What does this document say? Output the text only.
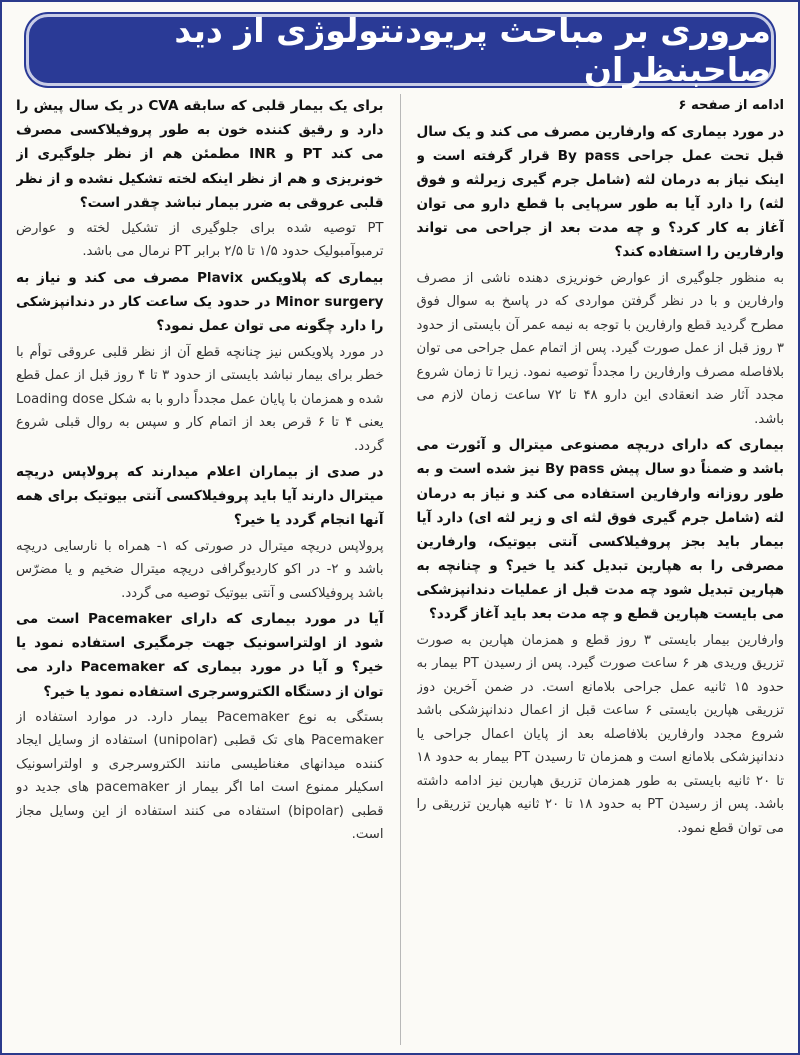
مروری بر مباحث پریودنتولوژی از دید صاحبنظران

ادامه از صفحه ۶

در مورد بیماری که وارفارین مصرف می کند و یک سال قبل تحت عمل جراحی By pass قرار گرفته است و اینک نیاز به درمان لثه (شامل جرم گیری زیرلثه و فوق لثه) را دارد آیا به طور سرپایی با قطع دارو می توان آغاز به کار کرد؟ و چه مدت بعد از جراحی می تواند وارفارین را استفاده کند؟

به منظور جلوگیری از عوارض خونریزی دهنده ناشی از مصرف وارفارین و با در نظر گرفتن مواردی که در پاسخ به سوال فوق مطرح گردید قطع وارفارین با توجه به نیمه عمر آن بایستی از حدود ۳ روز قبل از عمل صورت گیرد. پس از اتمام عمل جراحی می توان بلافاصله مصرف وارفارین را مجدداً توصیه نمود. زیرا تا زمان شروع مجدد آثار ضد انعقادی این دارو ۴۸ تا ۷۲ ساعت زمان لازم می باشد.

بیماری که دارای دریچه مصنوعی میترال و آئورت می باشد و ضمناً دو سال پیش By pass نیز شده است و به طور روزانه وارفارین استفاده می کند و نیاز به درمان لثه (شامل جرم گیری فوق لثه ای و زیر لثه ای) دارد آیا بیمار باید بجز پروفیلاکسی آنتی بیوتیک، وارفارین مصرفی را به هپارین تبدیل کند یا خیر؟ و چنانچه به هپارین تبدیل شود چه مدت قبل از عملیات دندانپزشکی می بایست هپارین قطع و چه مدت بعد باید آغاز گردد؟

وارفارین بیمار بایستی ۳ روز قطع و همزمان هپارین به صورت تزریق وریدی هر ۶ ساعت صورت گیرد. پس از رسیدن PT بیمار به حدود ۱۵ ثانیه عمل جراحی بلامانع است. در ضمن آخرین دوز تزریقی هپارین بایستی ۶ ساعت قبل از اعمال دندانپزشکی باشد شروع مجدد وارفارین بلافاصله بعد از پایان اعمال جراحی یا دندانپزشکی بلامانع است و همزمان تا رسیدن PT بیمار به حدود ۱۸ تا ۲۰ ثانیه بایستی به طور همزمان تزریق هپارین نیز ادامه داشته باشد. پس از رسیدن PT به حدود ۱۸ تا ۲۰ ثانیه هپارین تزریقی را می توان قطع نمود.

برای یک بیمار قلبی که سابقه CVA در یک سال پیش را دارد و رقیق کننده خون به طور پروفیلاکسی مصرف می کند PT و INR مطمئن هم از نظر جلوگیری از خونریزی و هم از نظر اینکه لخته تشکیل نشده و از نظر قلبی عروقی به ضرر بیمار نباشد چقدر است؟

PT توصیه شده برای جلوگیری از تشکیل لخته و عوارض ترمبوآمبولیک حدود ۱/۵ تا ۲/۵ برابر PT نرمال می باشد.

بیماری که پلاویکس Plavix مصرف می کند و نیاز به Minor surgery در حدود یک ساعت کار در دندانپزشکی را دارد چگونه می توان عمل نمود؟

در مورد پلاویکس نیز چنانچه قطع آن از نظر قلبی عروقی توأم با خطر برای بیمار نباشد بایستی از حدود ۳ تا ۴ روز قبل از عمل قطع شده و همزمان با پایان عمل مجدداً دارو با به شکل Loading dose یعنی ۴ تا ۶ قرص بعد از اتمام کار و سپس به روال قبلی شروع گردد.

در صدی از بیماران اعلام میدارند که پرولاپس دریچه میترال دارند آیا باید پروفیلاکسی آنتی بیوتیک برای همه آنها انجام گردد یا خیر؟

پرولاپس دریچه میترال در صورتی که ۱- همراه با نارسایی دریچه باشد و ۲- در اکو کاردیوگرافی دریچه میترال ضخیم و یا مضرّس باشد پروفیلاکسی و آنتی بیوتیک توصیه می گردد.

آیا در مورد بیماری که دارای Pacemaker است می شود از اولتراسونیک جهت جرمگیری استفاده نمود یا خیر؟ و آیا در مورد بیماری که Pacemaker دارد می توان از دستگاه الکتروسرجری استفاده نمود یا خیر؟

بستگی به نوع Pacemaker بیمار دارد. در موارد استفاده از Pacemaker های تک قطبی (unipolar) استفاده از وسایل ایجاد کننده میدانهای مغناطیسی مانند الکتروسرجری و اولتراسونیک اسکیلر ممنوع است اما اگر بیمار از pacemaker های جدید دو قطبی (bipolar) استفاده می کنند استفاده از این وسایل مجاز است.
